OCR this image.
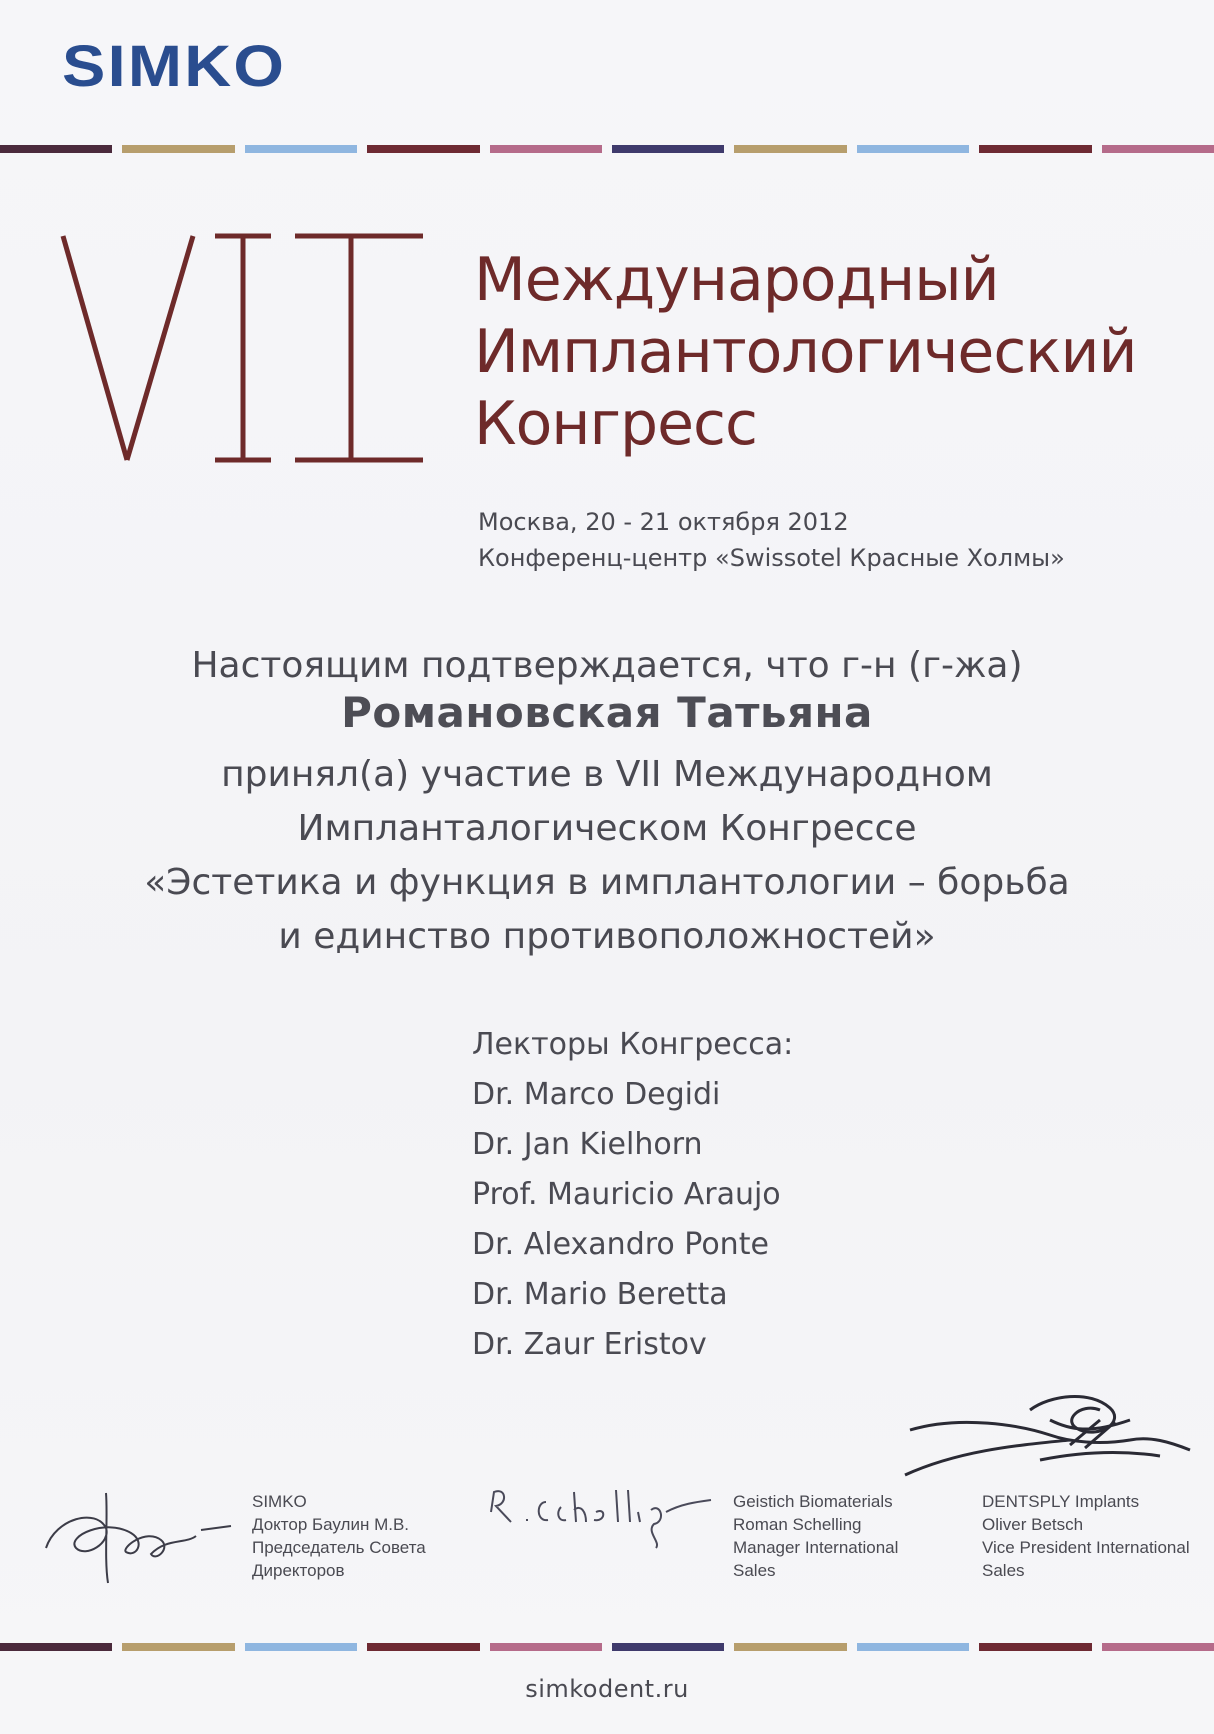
SIMKO
Международный
Имплантологический
Конгресс
Москва, 20 - 21 октября 2012
Конференц-центр «Swissotel Красные Холмы»
Настоящим подтверждается, что г-н (г-жа)
Романовская Татьяна
принял(а) участие в VII Международном
Импланталогическом Конгрессе
«Эстетика и функция в имплантологии – борьба
и единство противоположностей»
Лекторы Конгресса:
Dr. Marco Degidi
Dr. Jan Kielhorn
Prof. Mauricio Araujo
Dr. Alexandro Ponte
Dr. Mario Beretta
Dr. Zaur Eristov
SIMKO
Доктор Баулин М.В.
Председатель Совета
Директоров
Geistich Biomaterials
Roman Schelling
Manager International
Sales
DENTSPLY Implants
Oliver Betsch
Vice President International
Sales
simkodent.ru
